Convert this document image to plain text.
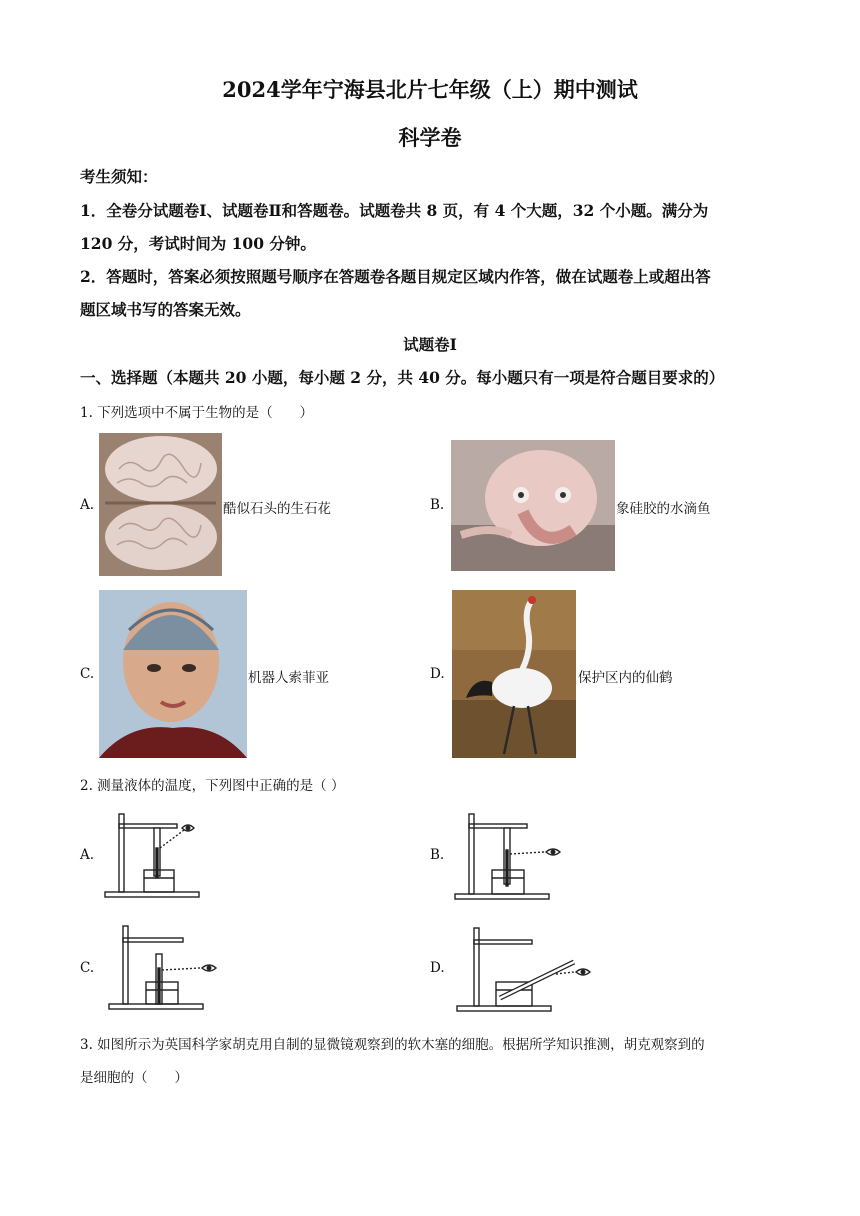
2024学年宁海县北片七年级（上）期中测试
科学卷
考生须知：
1．全卷分试题卷Ⅰ、试题卷Ⅱ和答题卷。试题卷共 8 页，有 4 个大题，32 个小题。满分为
120 分，考试时间为 100 分钟。
2．答题时，答案必须按照题号顺序在答题卷各题目规定区域内作答，做在试题卷上或超出答
题区域书写的答案无效。
试题卷Ⅰ
一、选择题（本题共 20 小题，每小题 2 分，共 40 分。每小题只有一项是符合题目要求的）
1. 下列选项中不属于生物的是（　　）
A.	酷似石头的生石花	B.	象硅胶的水滴鱼
C.	机器人索菲亚	D.	保护区内的仙鹤
2. 测量液体的温度，下列图中正确的是（ ）
A.	B.
C.	D.
3. 如图所示为英国科学家胡克用自制的显微镜观察到的软木塞的细胞。根据所学知识推测，胡克观察到的
是细胞的（　　）
